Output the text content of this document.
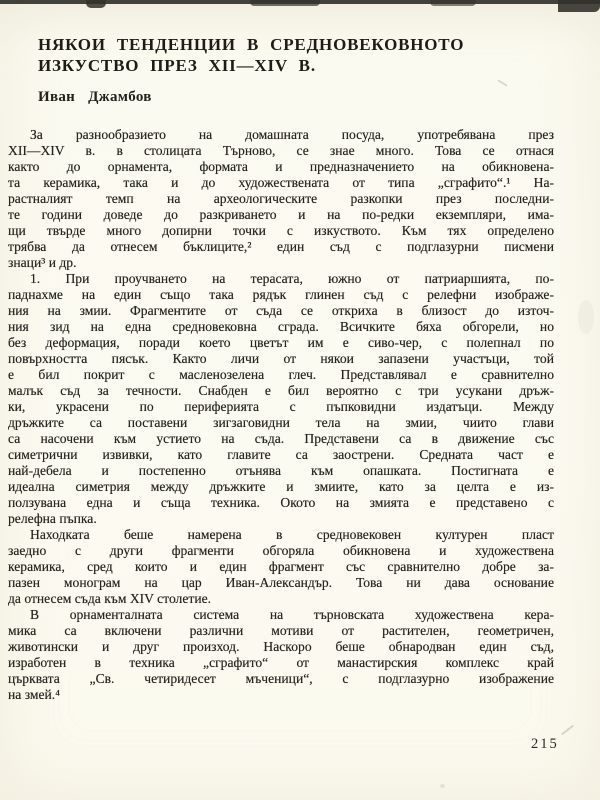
НЯКОИ ТЕНДЕНЦИИ В СРЕДНОВЕКОВНОТО
ИЗКУСТВО ПРЕЗ XII—XIV В.
Иван Джамбов
За разнообразието на домашната посуда, употребявана през
XII—XIV в. в столицата Търново, се знае много. Това се отнася
както до орнамента, формата и предназначението на обикновена-
та керамика, така и до художествената от типа „сграфито“.¹ На-
растналият темп на археологическите разкопки през последни-
те години доведе до разкриването и на по-редки екземпляри, има-
щи твърде много допирни точки с изкуството. Към тях определено
трябва да отнесем бъклиците,² един съд с подглазурни писмени
знаци³ и др.
1. При проучването на терасата, южно от патриаршията, по-
паднахме на един също така рядък глинен съд с релефни изображе-
ния на змии. Фрагментите от съда се откриха в близост до източ-
ния зид на една средновековна сграда. Всичките бяха обгорели, но
без деформация, поради което цветът им е сиво-чер, с полепнал по
повърхността пясък. Както личи от някои запазени участъци, той
е бил покрит с масленозелена глеч. Представлявал е сравнително
малък съд за течности. Снабден е бил вероятно с три усукани дръж-
ки, украсени по периферията с пъпковидни издатъци. Между
дръжките са поставени зигзаговидни тела на змии, чиито глави
са насочени към устието на съда. Представени са в движение със
симетрични извивки, като главите са заострени. Средната част е
най-дебела и постепенно отънява към опашката. Постигната е
идеална симетрия между дръжките и змиите, като за целта е из-
ползувана една и съща техника. Окото на змията е представено с
релефна пъпка.
Находката беше намерена в средновековен културен пласт
заедно с други фрагменти обгоряла обикновена и художествена
керамика, сред които и един фрагмент със сравнително добре за-
пазен монограм на цар Иван-Александър. Това ни дава основание
да отнесем съда към XIV столетие.
В орнаменталната система на търновската художествена кера-
мика са включени различни мотиви от растителен, геометричен,
животински и друг произход. Наскоро беше обнародван един съд,
изработен в техника „сграфито“ от манастирския комплекс край
църквата „Св. четиридесет мъченици“, с подглазурно изображение
на змей.⁴
215
